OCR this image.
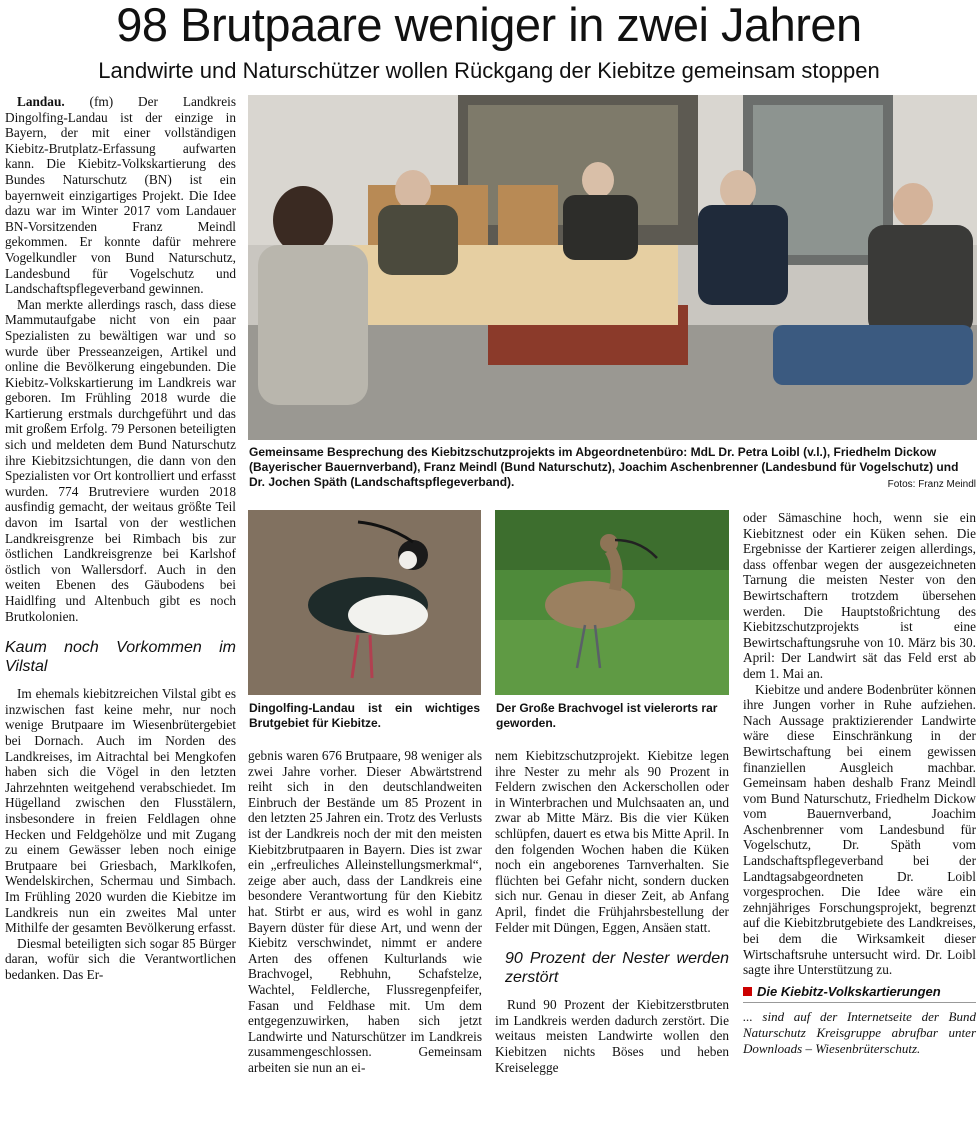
98 Brutpaare weniger in zwei Jahren
Landwirte und Naturschützer wollen Rückgang der Kiebitze gemeinsam stoppen

Landau. (fm) Der Landkreis Dingolfing-Landau ist der einzige in Bayern, der mit einer vollständigen Kiebitz-Brutplatz-Erfassung aufwarten kann. Die Kiebitz-Volkskartierung des Bundes Naturschutz (BN) ist ein bayernweit einzigartiges Projekt. Die Idee dazu war im Winter 2017 vom Landauer BN-Vorsitzenden Franz Meindl gekommen. Er konnte dafür mehrere Vogelkundler von Bund Naturschutz, Landesbund für Vogelschutz und Landschaftspflegeverband gewinnen.

Man merkte allerdings rasch, dass diese Mammutaufgabe nicht von ein paar Spezialisten zu bewältigen war und so wurde über Presseanzeigen, Artikel und online die Bevölkerung eingebunden. Die Kiebitz-Volkskartierung im Landkreis war geboren. Im Frühling 2018 wurde die Kartierung erstmals durchgeführt und das mit großem Erfolg. 79 Personen beteiligten sich und meldeten dem Bund Naturschutz ihre Kiebitzsichtungen, die dann von den Spezialisten vor Ort kontrolliert und erfasst wurden. 774 Brutreviere wurden 2018 ausfindig gemacht, der weitaus größte Teil davon im Isartal von der westlichen Landkreisgrenze bei Rimbach bis zur östlichen Landkreisgrenze bei Karlshof östlich von Wallersdorf. Auch in den weiten Ebenen des Gäubodens bei Haidlfing und Altenbuch gibt es noch Brutkolonien.

Kaum noch Vorkommen im Vilstal

Im ehemals kiebitzreichen Vilstal gibt es inzwischen fast keine mehr, nur noch wenige Brutpaare im Wiesenbrütergebiet bei Dornach. Auch im Norden des Landkreises, im Aitrachtal bei Mengkofen haben sich die Vögel in den letzten Jahrzehnten weitgehend verabschiedet. Im Hügelland zwischen den Flusstälern, insbesondere in freien Feldlagen ohne Hecken und Feldgehölze und mit Zugang zu einem Gewässer leben noch einige Brutpaare bei Griesbach, Marklkofen, Wendelskirchen, Schermau und Simbach. Im Frühling 2020 wurden die Kiebitze im Landkreis nun ein zweites Mal unter Mithilfe der gesamten Bevölkerung erfasst.

Diesmal beteiligten sich sogar 85 Bürger daran, wofür sich die Verantwortlichen bedanken. Das Er-

Gemeinsame Besprechung des Kiebitzschutzprojekts im Abgeordnetenbüro: MdL Dr. Petra Loibl (v.l.), Friedhelm Dickow (Bayerischer Bauernverband), Franz Meindl (Bund Naturschutz), Joachim Aschenbrenner (Landesbund für Vogelschutz) und Dr. Jochen Späth (Landschaftspflegeverband).	Fotos: Franz Meindl
Dingolfing-Landau ist ein wichtiges Brutgebiet für Kiebitze.
Der Große Brachvogel ist vielerorts rar geworden.

gebnis waren 676 Brutpaare, 98 weniger als zwei Jahre vorher. Dieser Abwärtstrend reiht sich in den deutschlandweiten Einbruch der Bestände um 85 Prozent in den letzten 25 Jahren ein. Trotz des Verlusts ist der Landkreis noch der mit den meisten Kiebitzbrutpaaren in Bayern. Dies ist zwar ein „erfreuliches Alleinstellungsmerkmal“, zeige aber auch, dass der Landkreis eine besondere Verantwortung für den Kiebitz hat. Stirbt er aus, wird es wohl in ganz Bayern düster für diese Art, und wenn der Kiebitz verschwindet, nimmt er andere Arten des offenen Kulturlands wie Brachvogel, Rebhuhn, Schafstelze, Wachtel, Feldlerche, Flussregenpfeifer, Fasan und Feldhase mit. Um dem entgegenzuwirken, haben sich jetzt Landwirte und Naturschützer im Landkreis zusammengeschlossen. Gemeinsam arbeiten sie nun an ei-

nem Kiebitzschutzprojekt. Kiebitze legen ihre Nester zu mehr als 90 Prozent in Feldern zwischen den Ackerschollen oder in Winterbrachen und Mulchsaaten an, und zwar ab Mitte März. Bis die vier Küken schlüpfen, dauert es etwa bis Mitte April. In den folgenden Wochen haben die Küken noch ein angeborenes Tarnverhalten. Sie flüchten bei Gefahr nicht, sondern ducken sich nur. Genau in dieser Zeit, ab Anfang April, findet die Frühjahrsbestellung der Felder mit Düngen, Eggen, Ansäen statt.

90 Prozent der Nester werden zerstört

Rund 90 Prozent der Kiebitzerstbruten im Landkreis werden dadurch zerstört. Die weitaus meisten Landwirte wollen den Kiebitzen nichts Böses und heben Kreiselegge

oder Sämaschine hoch, wenn sie ein Kiebitznest oder ein Küken sehen. Die Ergebnisse der Kartierer zeigen allerdings, dass offenbar wegen der ausgezeichneten Tarnung die meisten Nester von den Bewirtschaftern trotzdem übersehen werden. Die Hauptstoßrichtung des Kiebitzschutzprojekts ist eine Bewirtschaftungsruhe von 10. März bis 30. April: Der Landwirt sät das Feld erst ab dem 1. Mai an.

Kiebitze und andere Bodenbrüter können ihre Jungen vorher in Ruhe aufziehen. Nach Aussage praktizierender Landwirte wäre diese Einschränkung in der Bewirtschaftung bei einem gewissen finanziellen Ausgleich machbar. Gemeinsam haben deshalb Franz Meindl vom Bund Naturschutz, Friedhelm Dickow vom Bauernverband, Joachim Aschenbrenner vom Landesbund für Vogelschutz, Dr. Späth vom Landschaftspflegeverband bei der Landtagsabgeordneten Dr. Loibl vorgesprochen. Die Idee wäre ein zehnjähriges Forschungsprojekt, begrenzt auf die Kiebitzbrutgebiete des Landkreises, bei dem die Wirksamkeit dieser Wirtschaftsruhe untersucht wird. Dr. Loibl sagte ihre Unterstützung zu.

Die Kiebitz-Volkskartierungen
... sind auf der Internetseite der Bund Naturschutz Kreisgruppe abrufbar unter Downloads – Wiesenbrüterschutz.
